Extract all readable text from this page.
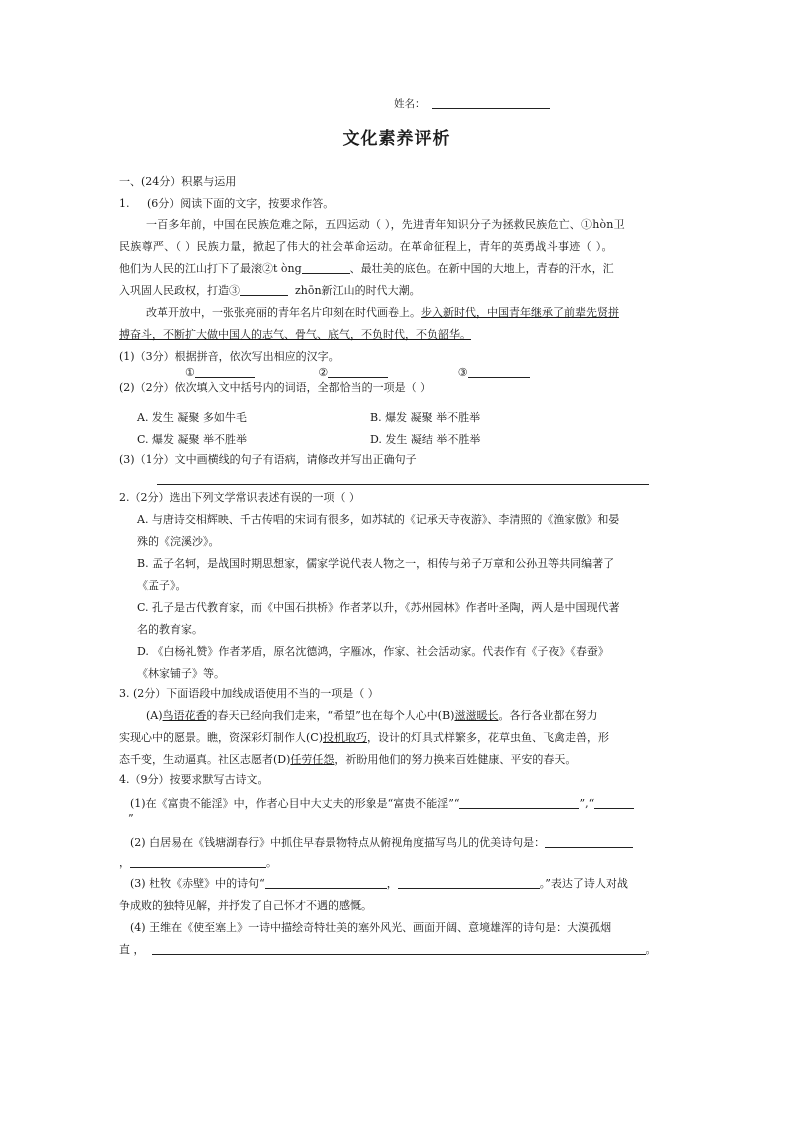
姓名：
文化素养评析
一、(24分）积累与运用
1. (6分）阅读下面的文字，按要求作答。
一百多年前，中国在民族危难之际，五四运动（ ），先进青年知识分子为拯救民族危亡、①hòn卫
民族尊严、（ ）民族力量，掀起了伟大的社会革命运动。在革命征程上，青年的英勇战斗事迹（ ）。
他们为人民的江山打下了最滚②t òng	、最壮美的底色。在新中国的大地上，青春的汗水，汇
入巩固人民政权，打造③	zhōn新江山的时代大潮。
改革开放中，一张张亮丽的青年名片印刻在时代画卷上。步入新时代，中国青年继承了前辈先贤拼
搏奋斗，不断扩大做中国人的志气、骨气、底气，不负时代，不负韶华。
(1)（3分）根据拼音，依次写出相应的汉字。
①	②	③
(2)（2分）依次填入文中括号内的词语，全都恰当的一项是（ ）
A. 发生 凝聚 多如牛毛	B. 爆发 凝聚 举不胜举
C. 爆发 凝聚 举不胜举	D. 发生 凝结 举不胜举
(3)（1分）文中画横线的句子有语病，请修改并写出正确句子
2.（2分）选出下列文学常识表述有误的一项（ ）
A. 与唐诗交相辉映、千古传唱的宋词有很多，如苏轼的《记承天寺夜游》、李清照的《渔家傲》和晏
殊的《浣溪沙》。
B. 孟子名轲，是战国时期思想家，儒家学说代表人物之一，相传与弟子万章和公孙丑等共同编著了
《孟子》。
C. 孔子是古代教育家，而《中国石拱桥》作者茅以升，《苏州园林》作者叶圣陶，两人是中国现代著
名的教育家。
D. 《白杨礼赞》作者茅盾，原名沈德鸿，字雁冰，作家、社会活动家。代表作有《子夜》《春蚕》
《林家铺子》等。
3. (2分）下面语段中加线成语使用不当的一项是（ ）
(A)鸟语花香的春天已经向我们走来，“希望”也在每个人心中(B)滋滋暖长。各行各业都在努力
实现心中的愿景。瞧，资深彩灯制作人(C)投机取巧，设计的灯具式样繁多，花草虫鱼、飞禽走兽，形
态千变，生动逼真。社区志愿者(D)任劳任怨，祈盼用他们的努力换来百姓健康、平安的春天。
4.（9分）按要求默写古诗文。
(1)在《富贵不能淫》中，作者心目中大丈夫的形象是“富贵不能淫”“	”,“
”
(2) 白居易在《钱塘湖春行》中抓住早春景物特点从俯视角度描写鸟儿的优美诗句是：
，	。
(3) 杜牧《赤壁》中的诗句“	，	。”表达了诗人对战
争成败的独特见解，并抒发了自己怀才不遇的感慨。
(4) 王维在《使至塞上》一诗中描绘奇特壮美的塞外风光、画面开阔、意境雄浑的诗句是：大漠孤烟
直 ，	。
